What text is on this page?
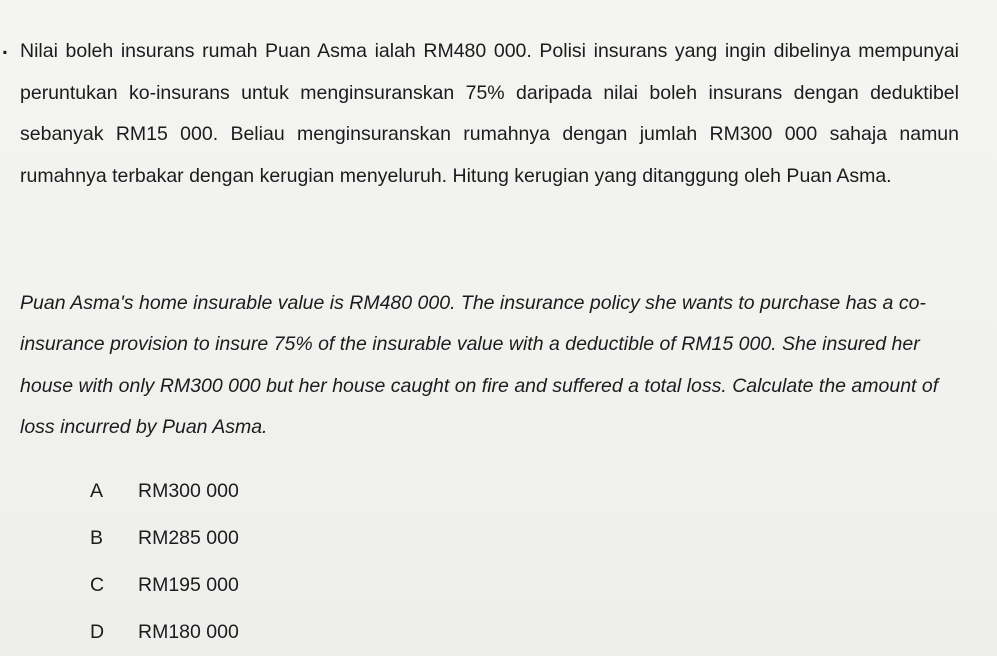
. Nilai boleh insurans rumah Puan Asma ialah RM480 000. Polisi insurans yang ingin dibelinya mempunyai peruntukan ko-insurans untuk menginsuranskan 75% daripada nilai boleh insurans dengan deduktibel sebanyak RM15 000. Beliau menginsuranskan rumahnya dengan jumlah RM300 000 sahaja namun rumahnya terbakar dengan kerugian menyeluruh. Hitung kerugian yang ditanggung oleh Puan Asma.

Puan Asma's home insurable value is RM480 000. The insurance policy she wants to purchase has a co-insurance provision to insure 75% of the insurable value with a deductible of RM15 000. She insured her house with only RM300 000 but her house caught on fire and suffered a total loss. Calculate the amount of loss incurred by Puan Asma.

A	RM300 000
B	RM285 000
C	RM195 000
D	RM180 000
